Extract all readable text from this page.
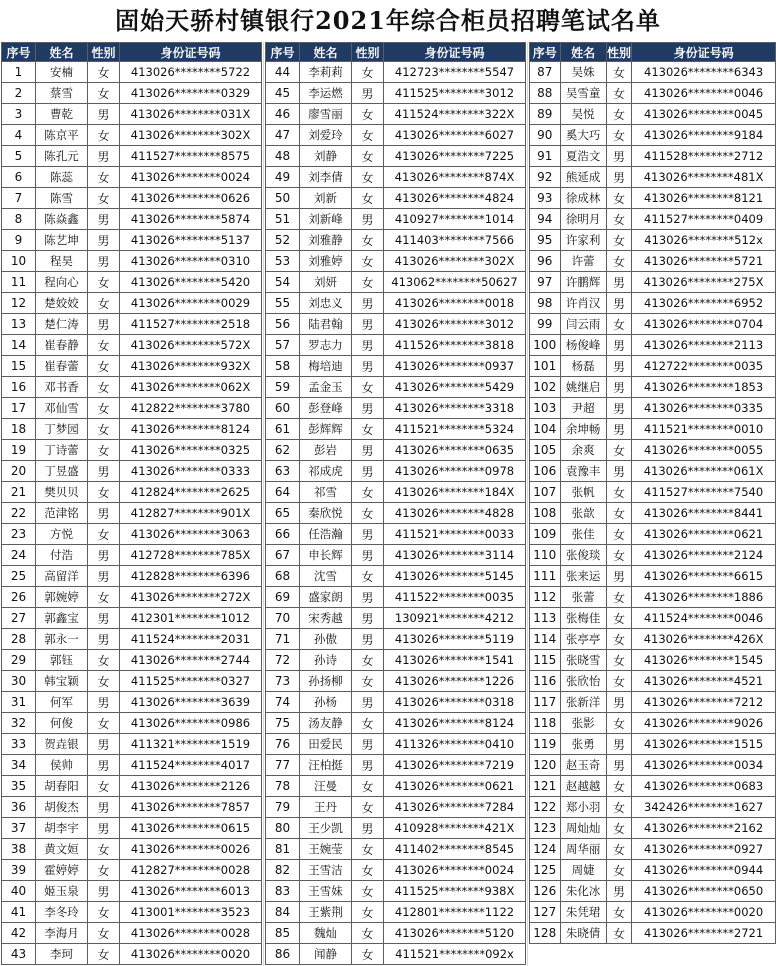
固始天骄村镇银行2021年综合柜员招聘笔试名单
序号	姓名	性别	身份证号码
1	安楠	女	413026********5722
2	蔡雪	女	413026********0329
3	曹乾	男	413026********031X
4	陈京平	女	413026********302X
5	陈孔元	男	411527********8575
6	陈蕊	女	413026********0024
7	陈雪	女	413026********0626
8	陈焱鑫	男	413026********5874
9	陈艺坤	男	413026********5137
10	程昊	男	413026********0310
11	程向心	女	413026********5420
12	楚姣姣	女	413026********0029
13	楚仁涛	男	411527********2518
14	崔春静	女	413026********572X
15	崔春蕾	女	413026********932X
16	邓书香	女	413026********062X
17	邓仙雪	女	412822********3780
18	丁梦园	女	413026********8124
19	丁诗蕾	女	413026********0325
20	丁昱盛	男	413026********0333
21	樊贝贝	女	412824********2625
22	范津铭	男	412827********901X
23	方悦	女	413026********3063
24	付浩	男	412728********785X
25	高留洋	男	412828********6396
26	郭婉婷	女	413026********272X
27	郭鑫宝	男	412301********1012
28	郭永一	男	411524********2031
29	郭钰	女	413026********2744
30	韩宝颖	女	411525********0327
31	何军	男	413026********3639
32	何俊	女	413026********0986
33	贺垚银	男	411321********1519
34	侯帅	男	411524********4017
35	胡春阳	女	413026********2126
36	胡俊杰	男	413026********7857
37	胡李宇	男	413026********0615
38	黄文姮	女	413026********0026
39	霍婷婷	女	412827********0028
40	姬玉泉	男	413026********6013
41	李冬玲	女	413001********3523
42	李海月	女	413026********0028
43	李珂	女	413026********0020
序号	姓名	性别	身份证号码
44	李莉莉	女	412723********5547
45	李运燃	男	411525********3012
46	廖雪丽	女	411524********322X
47	刘爱玲	女	413026********6027
48	刘静	女	413026********7225
49	刘李倩	女	413026********874X
50	刘新	女	413026********4824
51	刘新峰	男	410927********1014
52	刘雅静	女	411403********7566
53	刘雅婷	女	413026********302X
54	刘妍	女	413062********50627
55	刘忠义	男	413026********0018
56	陆君翰	男	413026********3012
57	罗志力	男	411526********3818
58	梅培迪	男	413026********0937
59	孟金玉	女	413026********5429
60	彭登峰	男	413026********3318
61	彭辉辉	女	411521********5324
62	彭岩	男	413026********0635
63	祁成虎	男	413026********0978
64	祁雪	女	413026********184X
65	秦欣悦	女	413026********4828
66	任浩瀚	男	411521********0033
67	申长辉	男	413026********3114
68	沈雪	女	413026********5145
69	盛家朗	男	411522********0035
70	宋秀越	男	130921********4212
71	孙傲	男	413026********5119
72	孙诗	女	413026********1541
73	孙扬柳	女	413026********1226
74	孙杨	男	413026********0318
75	汤友静	女	413026********8124
76	田爱民	男	411326********0410
77	汪柏挺	男	413026********7219
78	汪曼	女	413026********0621
79	王丹	女	413026********7284
80	王少凯	男	410928********421X
81	王婉莹	女	411402********8545
82	王雪洁	女	413026********0024
83	王雪妹	女	411525********938X
84	王紫荆	女	412801********1122
85	魏灿	女	413026********5120
86	闻静	女	411521********092x
序号	姓名	性别	身份证号码
87	吴姝	女	413026********6343
88	吴雪童	女	413026********0046
89	吴悦	女	413026********0045
90	奚大巧	女	413026********9184
91	夏浩文	男	411528********2712
92	熊延成	男	413026********481X
93	徐成林	女	413026********8121
94	徐明月	女	411527********0409
95	许家利	女	413026********512x
96	许蕾	女	413026********5721
97	许鹏辉	男	413026********275X
98	许肖汉	男	413026********6952
99	闫云雨	女	413026********0704
100	杨俊峰	男	413026********2113
101	杨磊	男	412722********0035
102	姚继启	男	413026********1853
103	尹超	男	413026********0335
104	余坤畅	男	411521********0010
105	余爽	女	413026********0055
106	袁豫丰	男	413026********061X
107	张帆	女	411527********7540
108	张歆	女	413026********8441
109	张佳	女	413026********0621
110	张俊琰	女	413026********2124
111	张来运	男	413026********6615
112	张蕾	女	413026********1886
113	张梅佳	女	411524********0046
114	张亭亭	女	413026********426X
115	张晓雪	女	413026********1545
116	张欣怡	女	413026********4521
117	张新洋	男	413026********7212
118	张影	女	413026********9026
119	张勇	男	413026********1515
120	赵玉奇	男	413026********0034
121	赵越越	女	413026********0683
122	郑小羽	女	342426********1627
123	周灿灿	女	413026********2162
124	周华丽	女	413026********0927
125	周婕	女	413026********0944
126	朱化冰	男	413026********0650
127	朱凭珺	女	413026********0020
128	朱晓倩	女	413026********2721
